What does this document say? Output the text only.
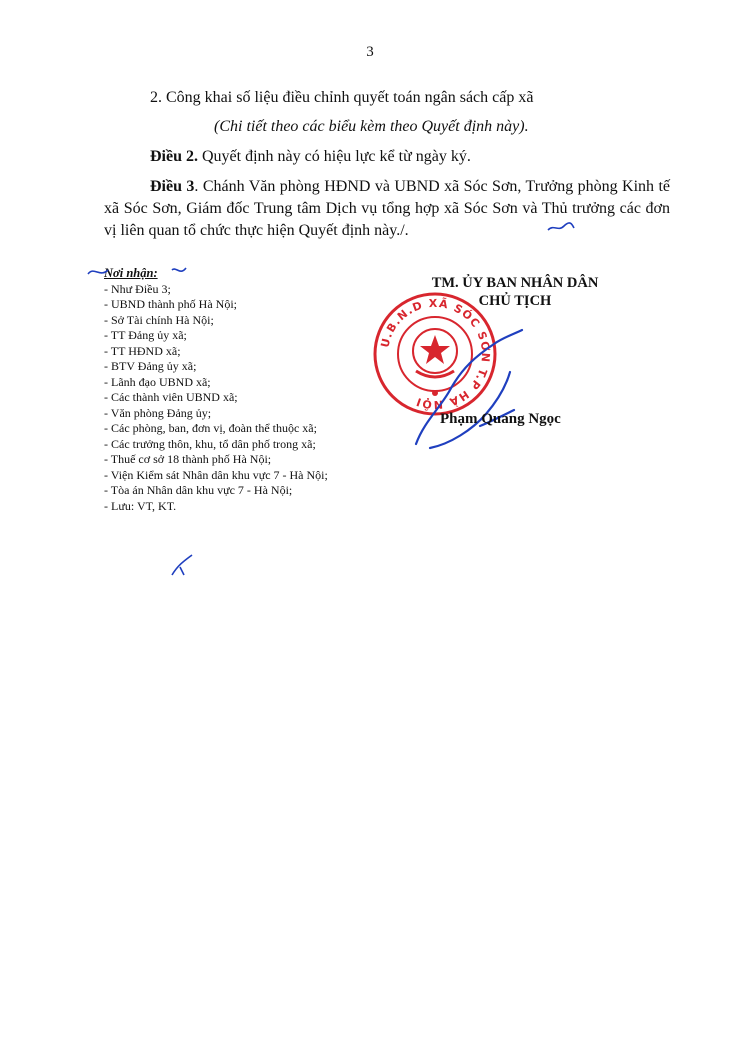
3
2. Công khai số liệu điều chỉnh quyết toán ngân sách cấp xã
(Chi tiết theo các biểu kèm theo Quyết định này).
Điều 2. Quyết định này có hiệu lực kể từ ngày ký.
Điều 3. Chánh Văn phòng HĐND và UBND xã Sóc Sơn, Trưởng phòng Kinh tế xã Sóc Sơn, Giám đốc Trung tâm Dịch vụ tổng hợp xã Sóc Sơn và Thủ trưởng các đơn vị liên quan tổ chức thực hiện Quyết định này./.
Nơi nhận:
- Như Điều 3;
- UBND thành phố Hà Nội;
- Sở Tài chính Hà Nội;
- TT Đảng ủy xã;
- TT HĐND xã;
- BTV Đảng ủy xã;
- Lãnh đạo UBND xã;
- Các thành viên UBND xã;
- Văn phòng Đảng ủy;
- Các phòng, ban, đơn vị, đoàn thể thuộc xã;
- Các trưởng thôn, khu, tổ dân phố trong xã;
- Thuế cơ sở 18 thành phố Hà Nội;
- Viện Kiểm sát Nhân dân khu vực 7 - Hà Nội;
- Tòa án Nhân dân khu vực 7 - Hà Nội;
- Lưu: VT, KT.
TM. ỦY BAN NHÂN DÂN
CHỦ TỊCH
U.B.N.D XÃ SÓC SƠN T.P HÀ NỘI
Phạm Quang Ngọc
